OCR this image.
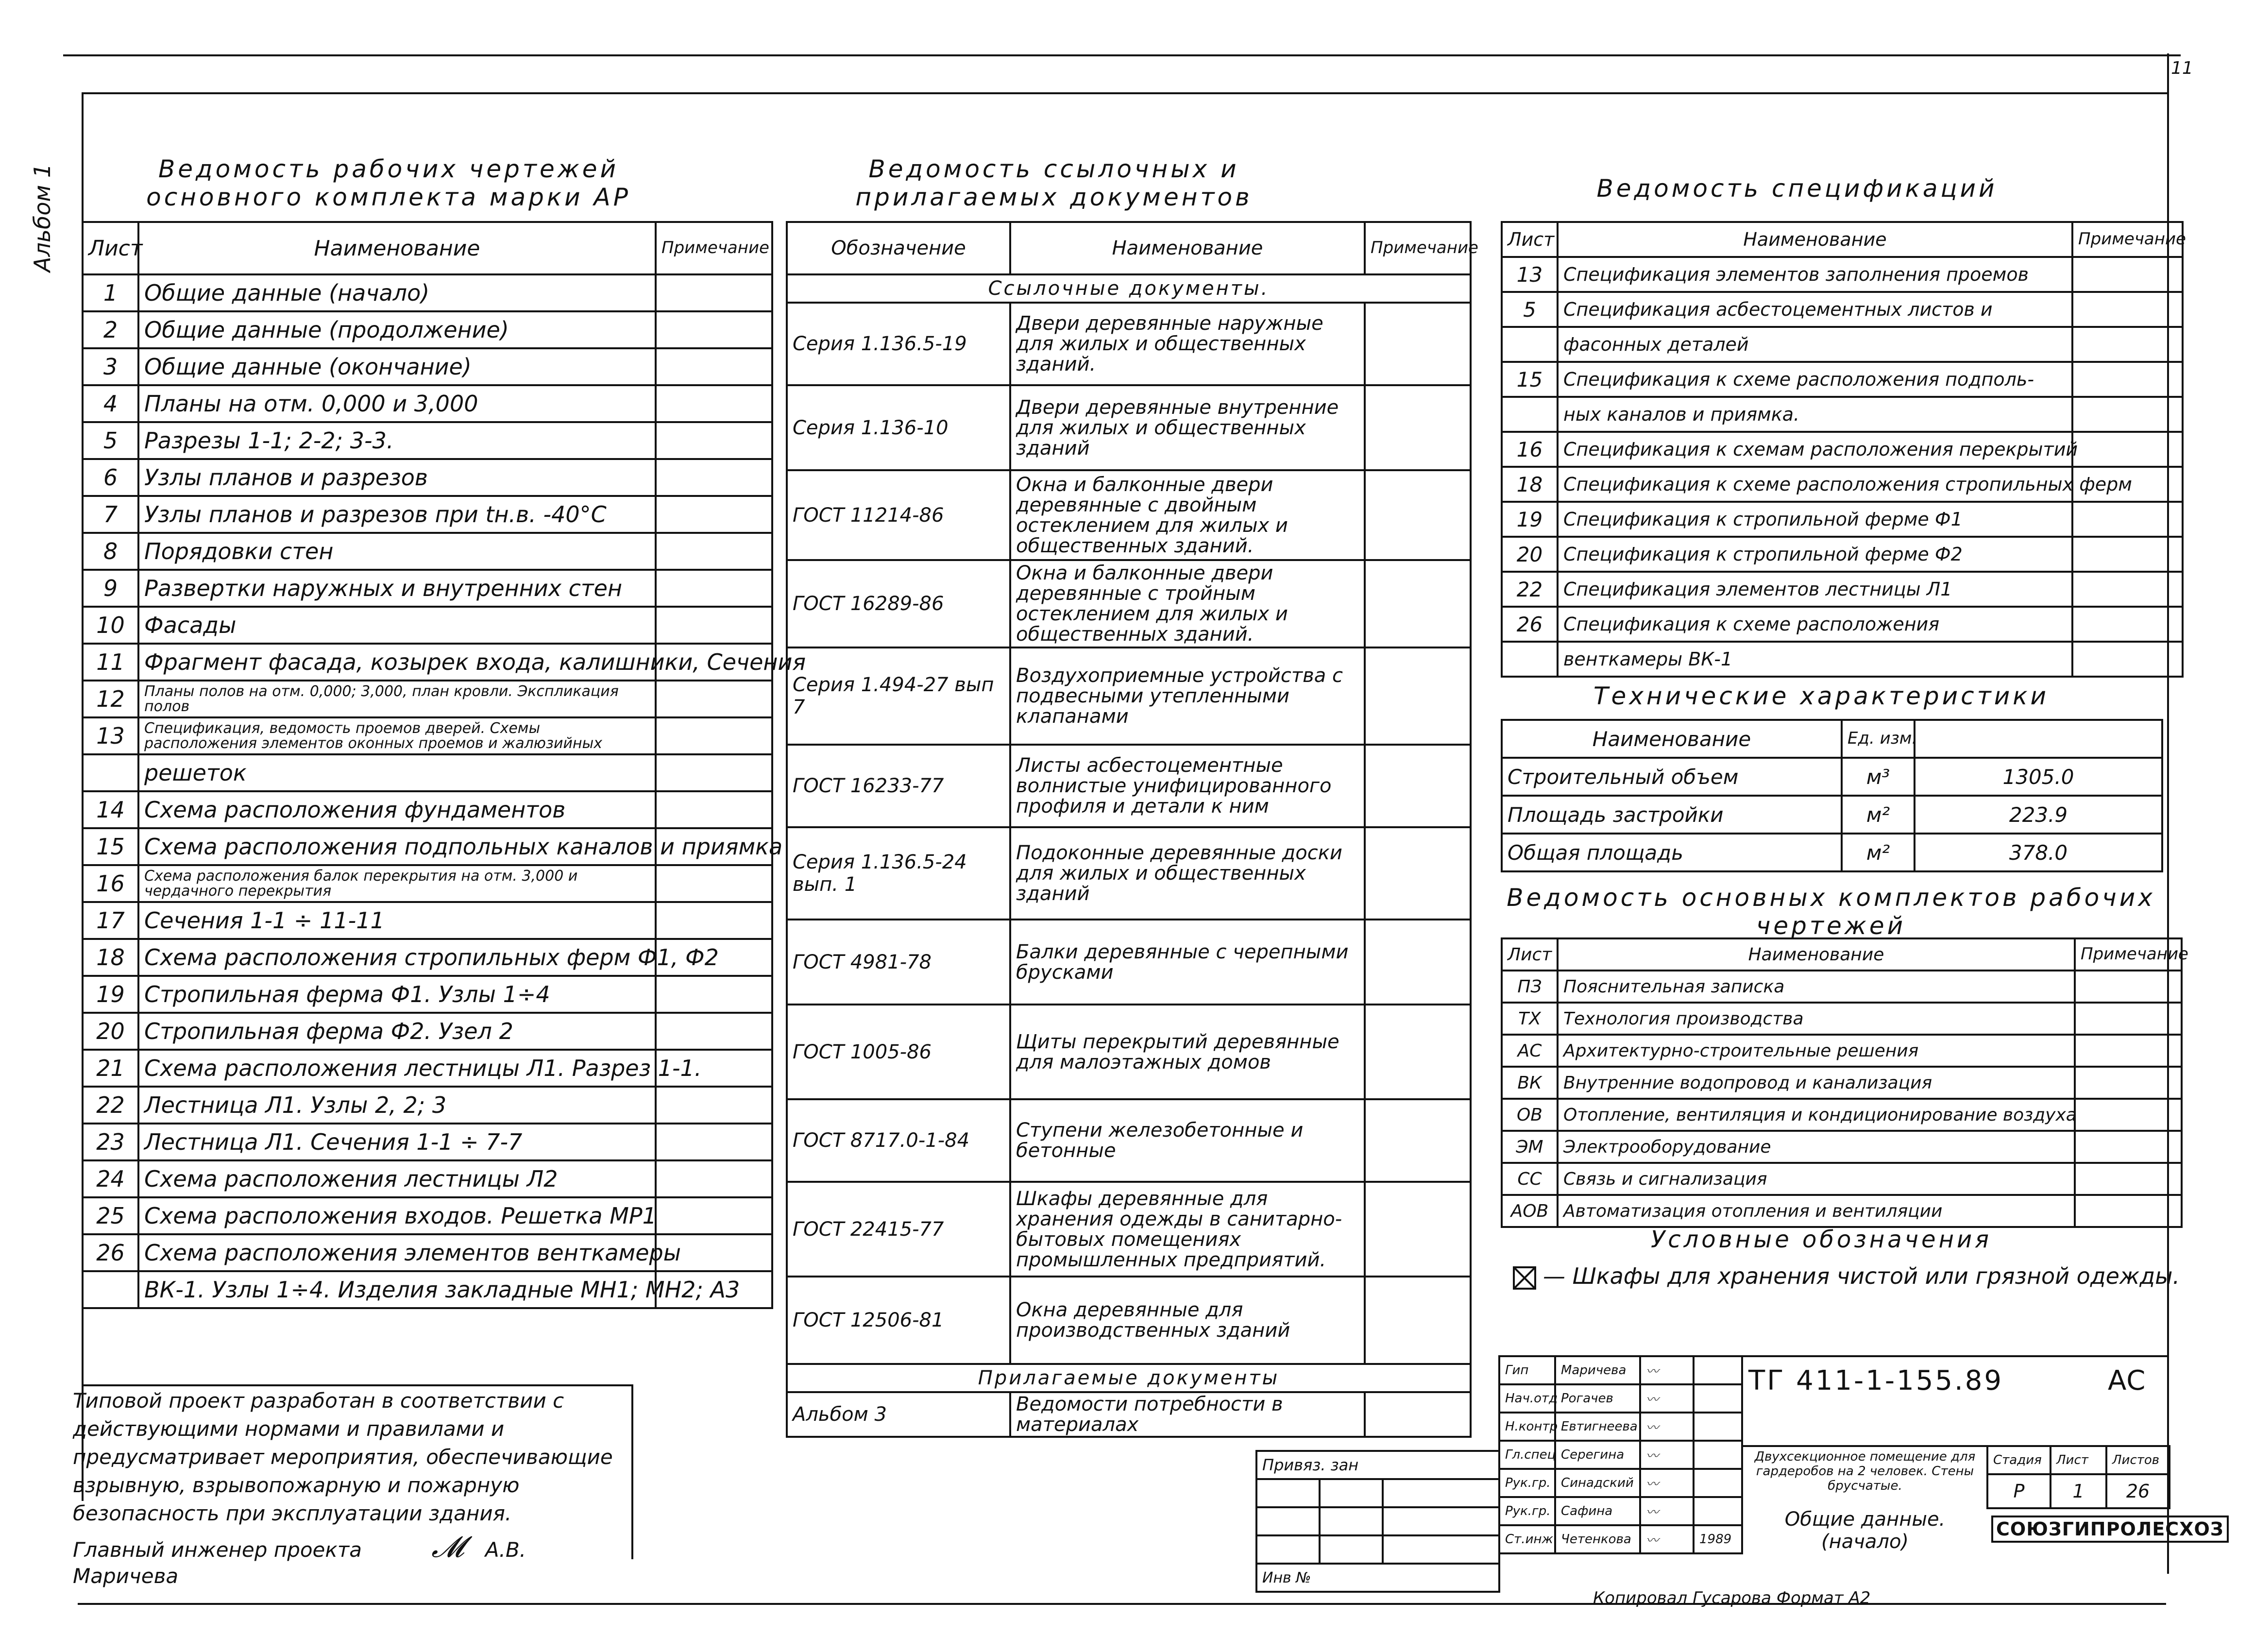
11
Альбом 1	Ведомость рабочих чертежей основного комплекта марки АР
Лист	Наименование	Примечание
1	Общие данные (начало)	
2	Общие данные (продолжение)	
3	Общие данные (окончание)	
4	Планы на отм. 0,000 и 3,000	
5	Разрезы 1-1; 2-2; 3-3.	
6	Узлы планов и разрезов	
7	Узлы планов и разрезов при tн.в. -40°С	
8	Порядовки стен	
9	Развертки наружных и внутренних стен	
10	Фасады	
11	Фрагмент фасада, козырек входа, калишники, Сечения	
12	Планы полов на отм. 0,000; 3,000, план кровли. Экспликация полов	
13	Спецификация, ведомость проемов дверей. Схемы расположения элементов оконных проемов и жалюзийных	
	решеток	
14	Схема расположения фундаментов	
15	Схема расположения подпольных каналов и приямка	
16	Схема расположения балок перекрытия на отм. 3,000 и чердачного перекрытия	
17	Сечения 1-1 ÷ 11-11	
18	Схема расположения стропильных ферм Ф1, Ф2	
19	Стропильная ферма Ф1. Узлы 1÷4	
20	Стропильная ферма Ф2. Узел 2	
21	Схема расположения лестницы Л1. Разрез 1-1.	
22	Лестница Л1. Узлы 2, 2; 3	
23	Лестница Л1. Сечения 1-1 ÷ 7-7	
24	Схема расположения лестницы Л2	
25	Схема расположения входов. Решетка МР1	
26	Схема расположения элементов венткамеры	
	ВК-1. Узлы 1÷4. Изделия закладные МН1; МН2; А3	
Ведомость ссылочных и прилагаемых документов
Обозначение	Наименование	Примечание
Ссылочные документы.		
Серия 1.136.5-19	Двери деревянные наружные для жилых и общественных зданий.	
Серия 1.136-10	Двери деревянные внутренние для жилых и общественных зданий	
ГОСТ 11214-86	Окна и балконные двери деревянные с двойным остеклением для жилых и общественных зданий.	
ГОСТ 16289-86	Окна и балконные двери деревянные с тройным остеклением для жилых и общественных зданий.	
Серия 1.494-27 вып 7	Воздухоприемные устройства с подвесными утепленными клапанами	
ГОСТ 16233-77	Листы асбестоцементные волнистые унифицированного профиля и детали к ним	
Серия 1.136.5-24 вып. 1	Подоконные деревянные доски для жилых и общественных зданий	
ГОСТ 4981-78	Балки деревянные с черепными брусками	
ГОСТ 1005-86	Щиты перекрытий деревянные для малоэтажных домов	
ГОСТ 8717.0-1-84	Ступени железобетонные и бетонные	
ГОСТ 22415-77	Шкафы деревянные для хранения одежды в санитарно-бытовых помещениях промышленных предприятий.	
ГОСТ 12506-81	Окна деревянные для производственных зданий	
Прилагаемые документы		
Альбом 3	Ведомости потребности в материалах	
Ведомость спецификаций
Лист	Наименование	Примечание
13	Спецификация элементов заполнения проемов	
5	Спецификация асбестоцементных листов и	
	фасонных деталей	
15	Спецификация к схеме расположения подполь-	
	ных каналов и приямка.	
16	Спецификация к схемам расположения перекрытий	
18	Спецификация к схеме расположения стропильных ферм	
19	Спецификация к стропильной ферме Ф1	
20	Спецификация к стропильной ферме Ф2	
22	Спецификация элементов лестницы Л1	
26	Спецификация к схеме расположения	
	венткамеры ВК-1	
Технические характеристики
Наименование	Ед. изм.	
Строительный объем	м³	1305.0
Площадь застройки	м²	223.9
Общая площадь	м²	378.0
Ведомость основных комплектов рабочих чертежей
Лист	Наименование	Примечание
ПЗ	Пояснительная записка	
ТХ	Технология производства	
АС	Архитектурно-строительные решения	
ВК	Внутренние водопровод и канализация	
ОВ	Отопление, вентиляция и кондиционирование воздуха	
ЭМ	Электрооборудование	
СС	Связь и сигнализация	
АОВ	Автоматизация отопления и вентиляции	
Условные обозначения
— Шкафы для хранения чистой или грязной одежды.
Типовой проект разработан в соответствии с действующими нормами и правилами и предусматривает мероприятия, обеспечивающие взрывную, взрывопожарную и пожарную безопасность при эксплуатации здания.
Главный инженер проекта 𝓜 А.В. Маричева
Гип	Маричева	〰	
Нач.отд	Рогачев	〰	
Н.контр	Евтигнеева	〰	
Гл.спец	Серегина	〰	
Рук.гр.	Синадский	〰	
Рук.гр.	Сафина	〰	
Ст.инж	Четенкова	〰	1989
ТГ 411-1-155.89	АС
Двухсекционное помещение для гардеробов на 2 человек. Стены брусчатые.
Общие данные. (начало)
Стадия	Лист	Листов
Р	1	26
СОЮЗГИПРОЛЕСХОЗ
Привяз. зан		

Инв №		
Копировал Гусарова Формат А2
